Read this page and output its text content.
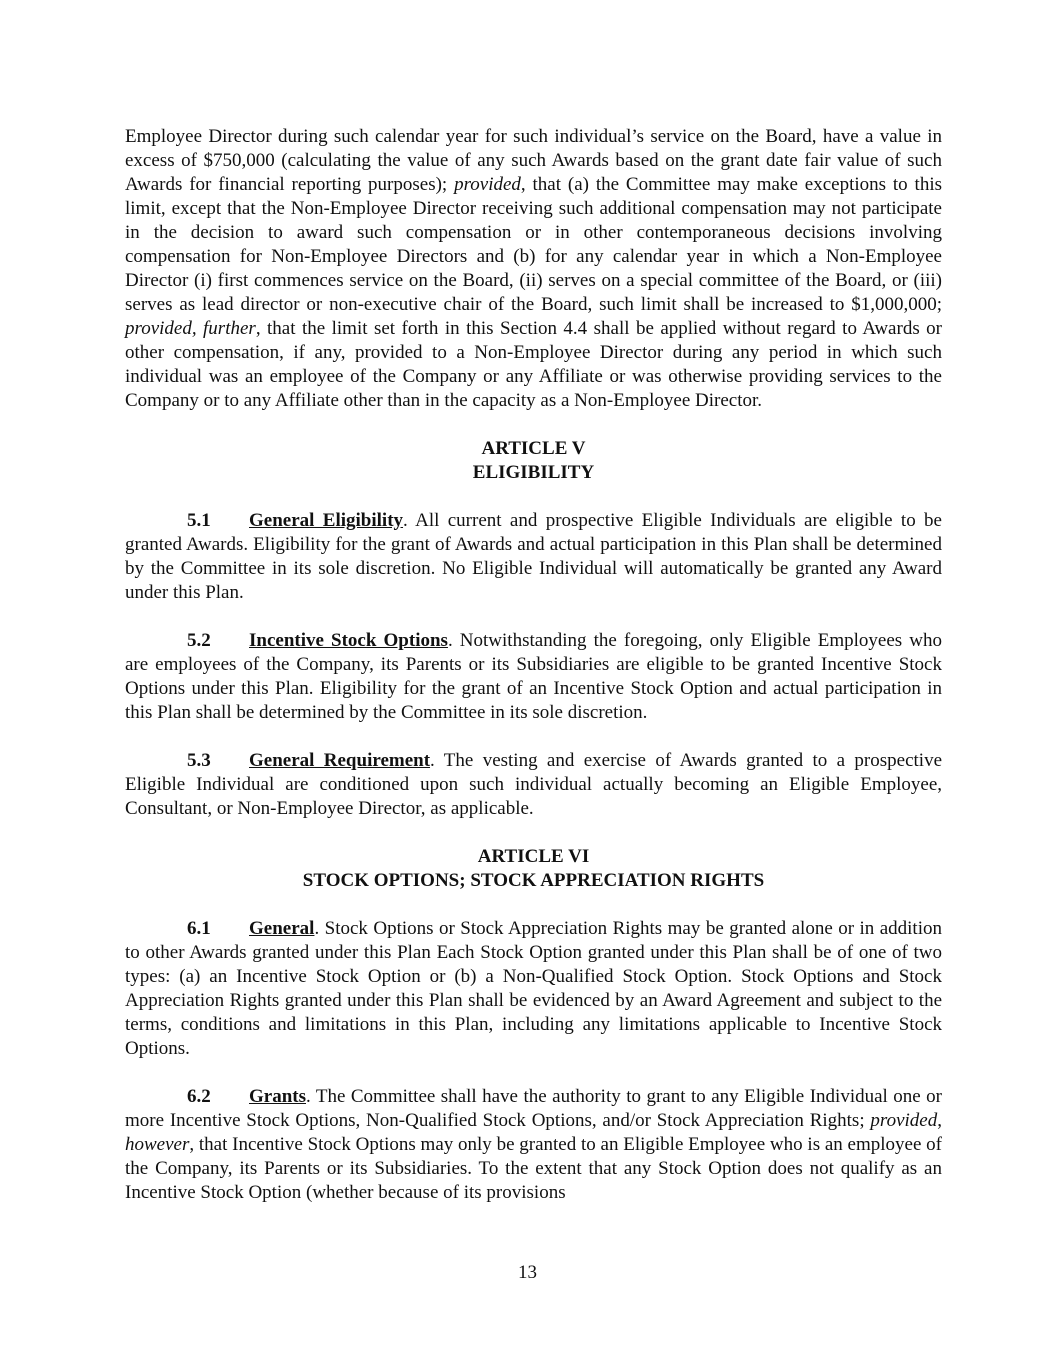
Employee Director during such calendar year for such individual’s service on the Board, have a value in excess of $750,000 (calculating the value of any such Awards based on the grant date fair value of such Awards for financial reporting purposes); provided, that (a) the Committee may make exceptions to this limit, except that the Non-Employee Director receiving such additional compensation may not participate in the decision to award such compensation or in other contemporaneous decisions involving compensation for Non-Employee Directors and (b) for any calendar year in which a Non-Employee Director (i) first commences service on the Board, (ii) serves on a special committee of the Board, or (iii) serves as lead director or non-executive chair of the Board, such limit shall be increased to $1,000,000; provided, further, that the limit set forth in this Section 4.4 shall be applied without regard to Awards or other compensation, if any, provided to a Non-Employee Director during any period in which such individual was an employee of the Company or any Affiliate or was otherwise providing services to the Company or to any Affiliate other than in the capacity as a Non-Employee Director.

ARTICLE V
ELIGIBILITY

5.1 General Eligibility. All current and prospective Eligible Individuals are eligible to be granted Awards. Eligibility for the grant of Awards and actual participation in this Plan shall be determined by the Committee in its sole discretion. No Eligible Individual will automatically be granted any Award under this Plan.

5.2 Incentive Stock Options. Notwithstanding the foregoing, only Eligible Employees who are employees of the Company, its Parents or its Subsidiaries are eligible to be granted Incentive Stock Options under this Plan. Eligibility for the grant of an Incentive Stock Option and actual participation in this Plan shall be determined by the Committee in its sole discretion.

5.3 General Requirement. The vesting and exercise of Awards granted to a prospective Eligible Individual are conditioned upon such individual actually becoming an Eligible Employee, Consultant, or Non-Employee Director, as applicable.

ARTICLE VI
STOCK OPTIONS; STOCK APPRECIATION RIGHTS

6.1 General. Stock Options or Stock Appreciation Rights may be granted alone or in addition to other Awards granted under this Plan Each Stock Option granted under this Plan shall be of one of two types: (a) an Incentive Stock Option or (b) a Non-Qualified Stock Option. Stock Options and Stock Appreciation Rights granted under this Plan shall be evidenced by an Award Agreement and subject to the terms, conditions and limitations in this Plan, including any limitations applicable to Incentive Stock Options.

6.2 Grants. The Committee shall have the authority to grant to any Eligible Individual one or more Incentive Stock Options, Non-Qualified Stock Options, and/or Stock Appreciation Rights; provided, however, that Incentive Stock Options may only be granted to an Eligible Employee who is an employee of the Company, its Parents or its Subsidiaries. To the extent that any Stock Option does not qualify as an Incentive Stock Option (whether because of its provisions

13
